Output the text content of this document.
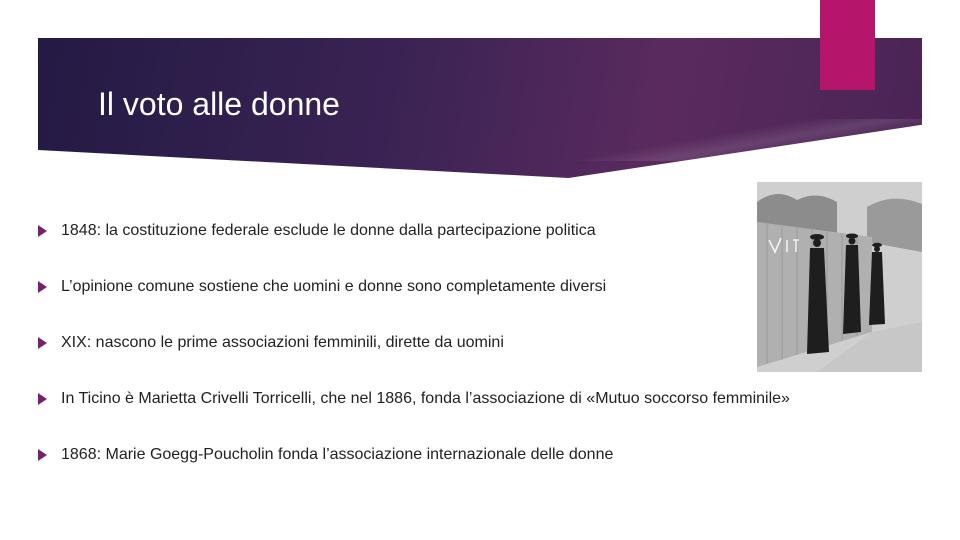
Il voto alle donne
1848: la costituzione federale esclude le donne dalla partecipazione politica
L’opinione comune sostiene che uomini e donne sono completamente diversi
XIX: nascono le prime associazioni femminili, dirette da uomini
In Ticino è Marietta Crivelli Torricelli, che nel 1886, fonda l’associazione di «Mutuo soccorso femminile»
1868: Marie Goegg-Poucholin fonda l’associazione internazionale delle donne
